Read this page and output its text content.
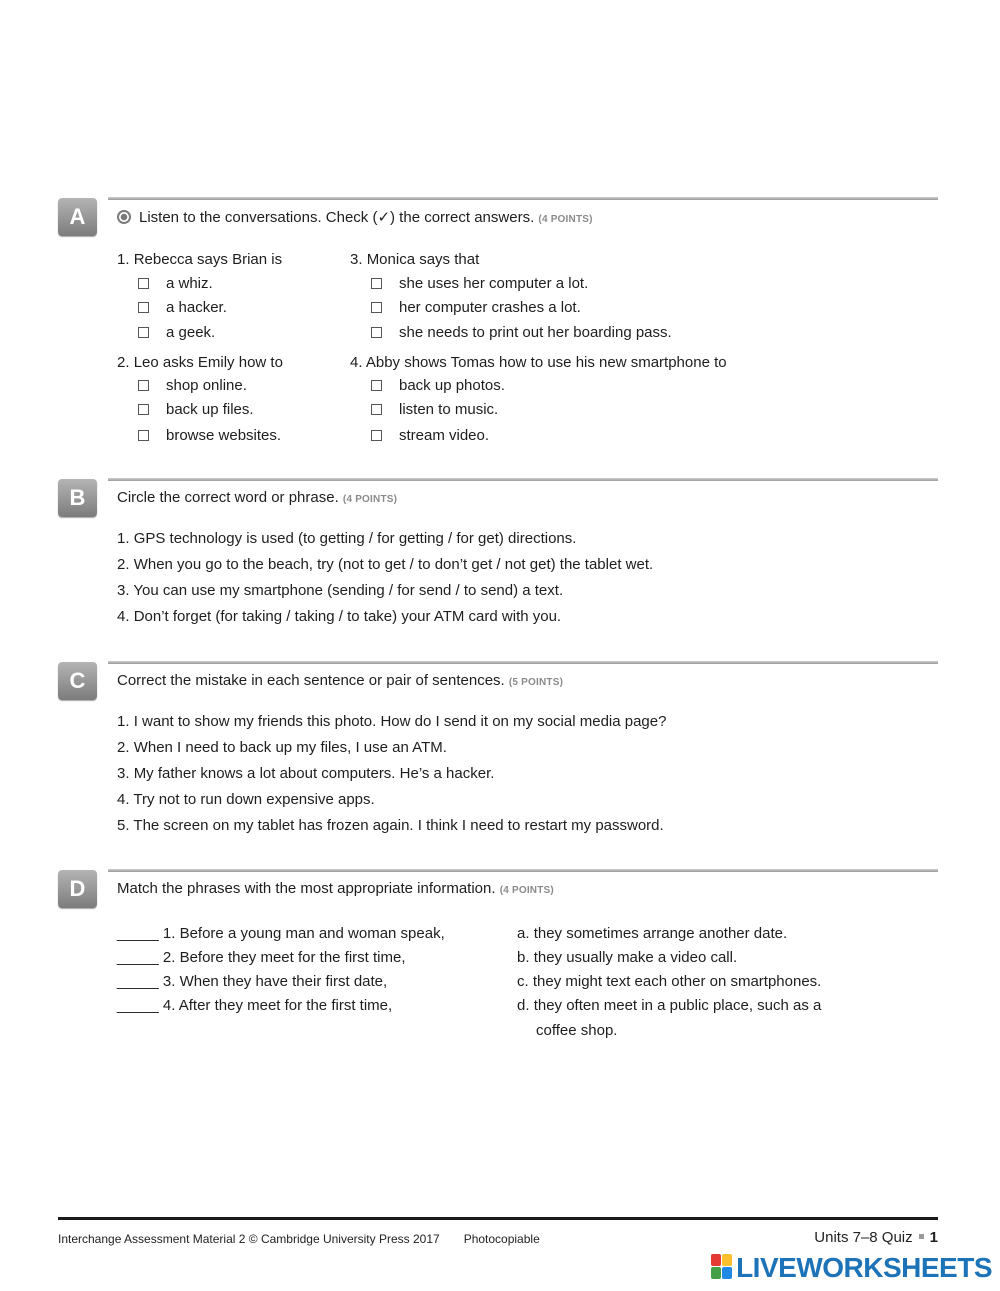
A	Listen to the conversations. Check (✓) the correct answers. (4 POINTS)
1. Rebecca says Brian is
a whiz.
a hacker.
a geek.
2. Leo asks Emily how to
shop online.
back up files.
browse websites.
3. Monica says that
she uses her computer a lot.
her computer crashes a lot.
she needs to print out her boarding pass.
4. Abby shows Tomas how to use his new smartphone to
back up photos.
listen to music.
stream video.
B	Circle the correct word or phrase. (4 POINTS)
1. GPS technology is used (to getting / for getting / for get) directions.
2. When you go to the beach, try (not to get / to don’t get / not get) the tablet wet.
3. You can use my smartphone (sending / for send / to send) a text.
4. Don’t forget (for taking / taking / to take) your ATM card with you.
C	Correct the mistake in each sentence or pair of sentences. (5 POINTS)
1. I want to show my friends this photo. How do I send it on my social media page?
2. When I need to back up my files, I use an ATM.
3. My father knows a lot about computers. He’s a hacker.
4. Try not to run down expensive apps.
5. The screen on my tablet has frozen again. I think I need to restart my password.
D	Match the phrases with the most appropriate information. (4 POINTS)
_____ 1. Before a young man and woman speak,
_____ 2. Before they meet for the first time,
_____ 3. When they have their first date,
_____ 4. After they meet for the first time,
a. they sometimes arrange another date.
b. they usually make a video call.
c. they might text each other on smartphones.
d. they often meet in a public place, such as a
coffee shop.
Interchange Assessment Material 2 © Cambridge University Press 2017 Photocopiable	Units 7–8 Quiz 1
LIVEWORKSHEETS
